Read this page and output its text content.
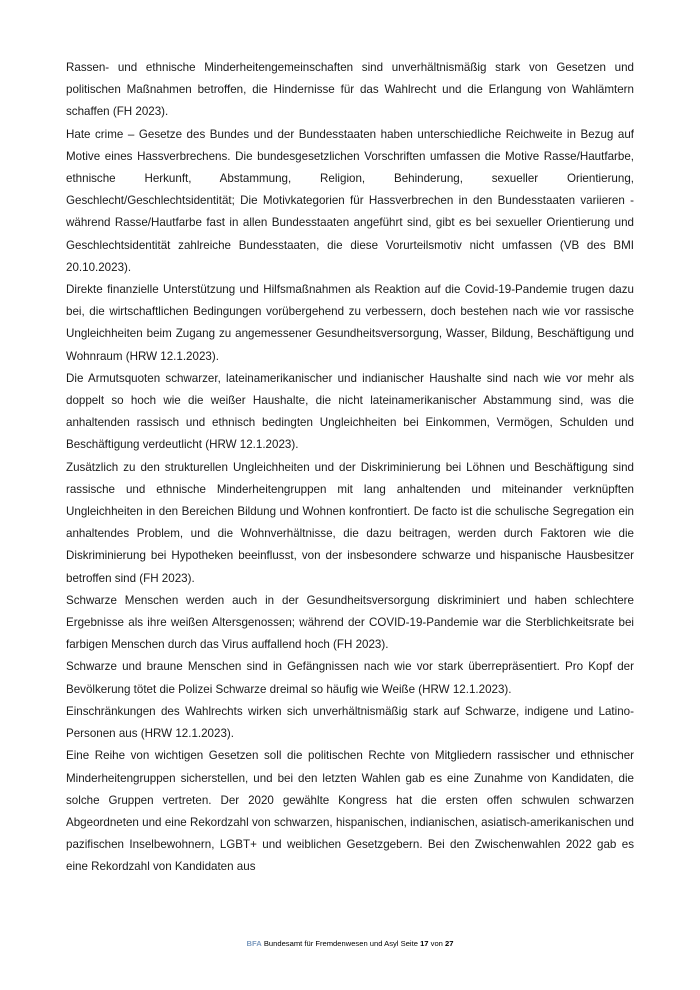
Rassen- und ethnische Minderheitengemeinschaften sind unverhältnismäßig stark von Gesetzen und politischen Maßnahmen betroffen, die Hindernisse für das Wahlrecht und die Erlangung von Wahlämtern schaffen (FH 2023).

Hate crime – Gesetze des Bundes und der Bundesstaaten haben unterschiedliche Reichweite in Bezug auf Motive eines Hassverbrechens. Die bundesgesetzlichen Vorschriften umfassen die Motive Rasse/Hautfarbe, ethnische Herkunft, Abstammung, Religion, Behinderung, sexueller Orientierung, Geschlecht/Geschlechtsidentität; Die Motivkategorien für Hassverbrechen in den Bundesstaaten variieren - während Rasse/Hautfarbe fast in allen Bundesstaaten angeführt sind, gibt es bei sexueller Orientierung und Geschlechtsidentität zahlreiche Bundesstaaten, die diese Vorurteilsmotiv nicht umfassen (VB des BMI 20.10.2023).

Direkte finanzielle Unterstützung und Hilfsmaßnahmen als Reaktion auf die Covid-19-Pandemie trugen dazu bei, die wirtschaftlichen Bedingungen vorübergehend zu verbessern, doch bestehen nach wie vor rassische Ungleichheiten beim Zugang zu angemessener Gesundheitsversorgung, Wasser, Bildung, Beschäftigung und Wohnraum (HRW 12.1.2023).

Die Armutsquoten schwarzer, lateinamerikanischer und indianischer Haushalte sind nach wie vor mehr als doppelt so hoch wie die weißer Haushalte, die nicht lateinamerikanischer Abstammung sind, was die anhaltenden rassisch und ethnisch bedingten Ungleichheiten bei Einkommen, Vermögen, Schulden und Beschäftigung verdeutlicht (HRW 12.1.2023).

Zusätzlich zu den strukturellen Ungleichheiten und der Diskriminierung bei Löhnen und Beschäftigung sind rassische und ethnische Minderheitengruppen mit lang anhaltenden und miteinander verknüpften Ungleichheiten in den Bereichen Bildung und Wohnen konfrontiert. De facto ist die schulische Segregation ein anhaltendes Problem, und die Wohnverhältnisse, die dazu beitragen, werden durch Faktoren wie die Diskriminierung bei Hypotheken beeinflusst, von der insbesondere schwarze und hispanische Hausbesitzer betroffen sind (FH 2023).

Schwarze Menschen werden auch in der Gesundheitsversorgung diskriminiert und haben schlechtere Ergebnisse als ihre weißen Altersgenossen; während der COVID-19-Pandemie war die Sterblichkeitsrate bei farbigen Menschen durch das Virus auffallend hoch (FH 2023).

Schwarze und braune Menschen sind in Gefängnissen nach wie vor stark überrepräsentiert. Pro Kopf der Bevölkerung tötet die Polizei Schwarze dreimal so häufig wie Weiße (HRW 12.1.2023).

Einschränkungen des Wahlrechts wirken sich unverhältnismäßig stark auf Schwarze, indigene und Latino-Personen aus (HRW 12.1.2023).

Eine Reihe von wichtigen Gesetzen soll die politischen Rechte von Mitgliedern rassischer und ethnischer Minderheitengruppen sicherstellen, und bei den letzten Wahlen gab es eine Zunahme von Kandidaten, die solche Gruppen vertreten. Der 2020 gewählte Kongress hat die ersten offen schwulen schwarzen Abgeordneten und eine Rekordzahl von schwarzen, hispanischen, indianischen, asiatisch-amerikanischen und pazifischen Inselbewohnern, LGBT+ und weiblichen Gesetzgebern. Bei den Zwischenwahlen 2022 gab es eine Rekordzahl von Kandidaten aus

BFA Bundesamt für Fremdenwesen und Asyl Seite 17 von 27
